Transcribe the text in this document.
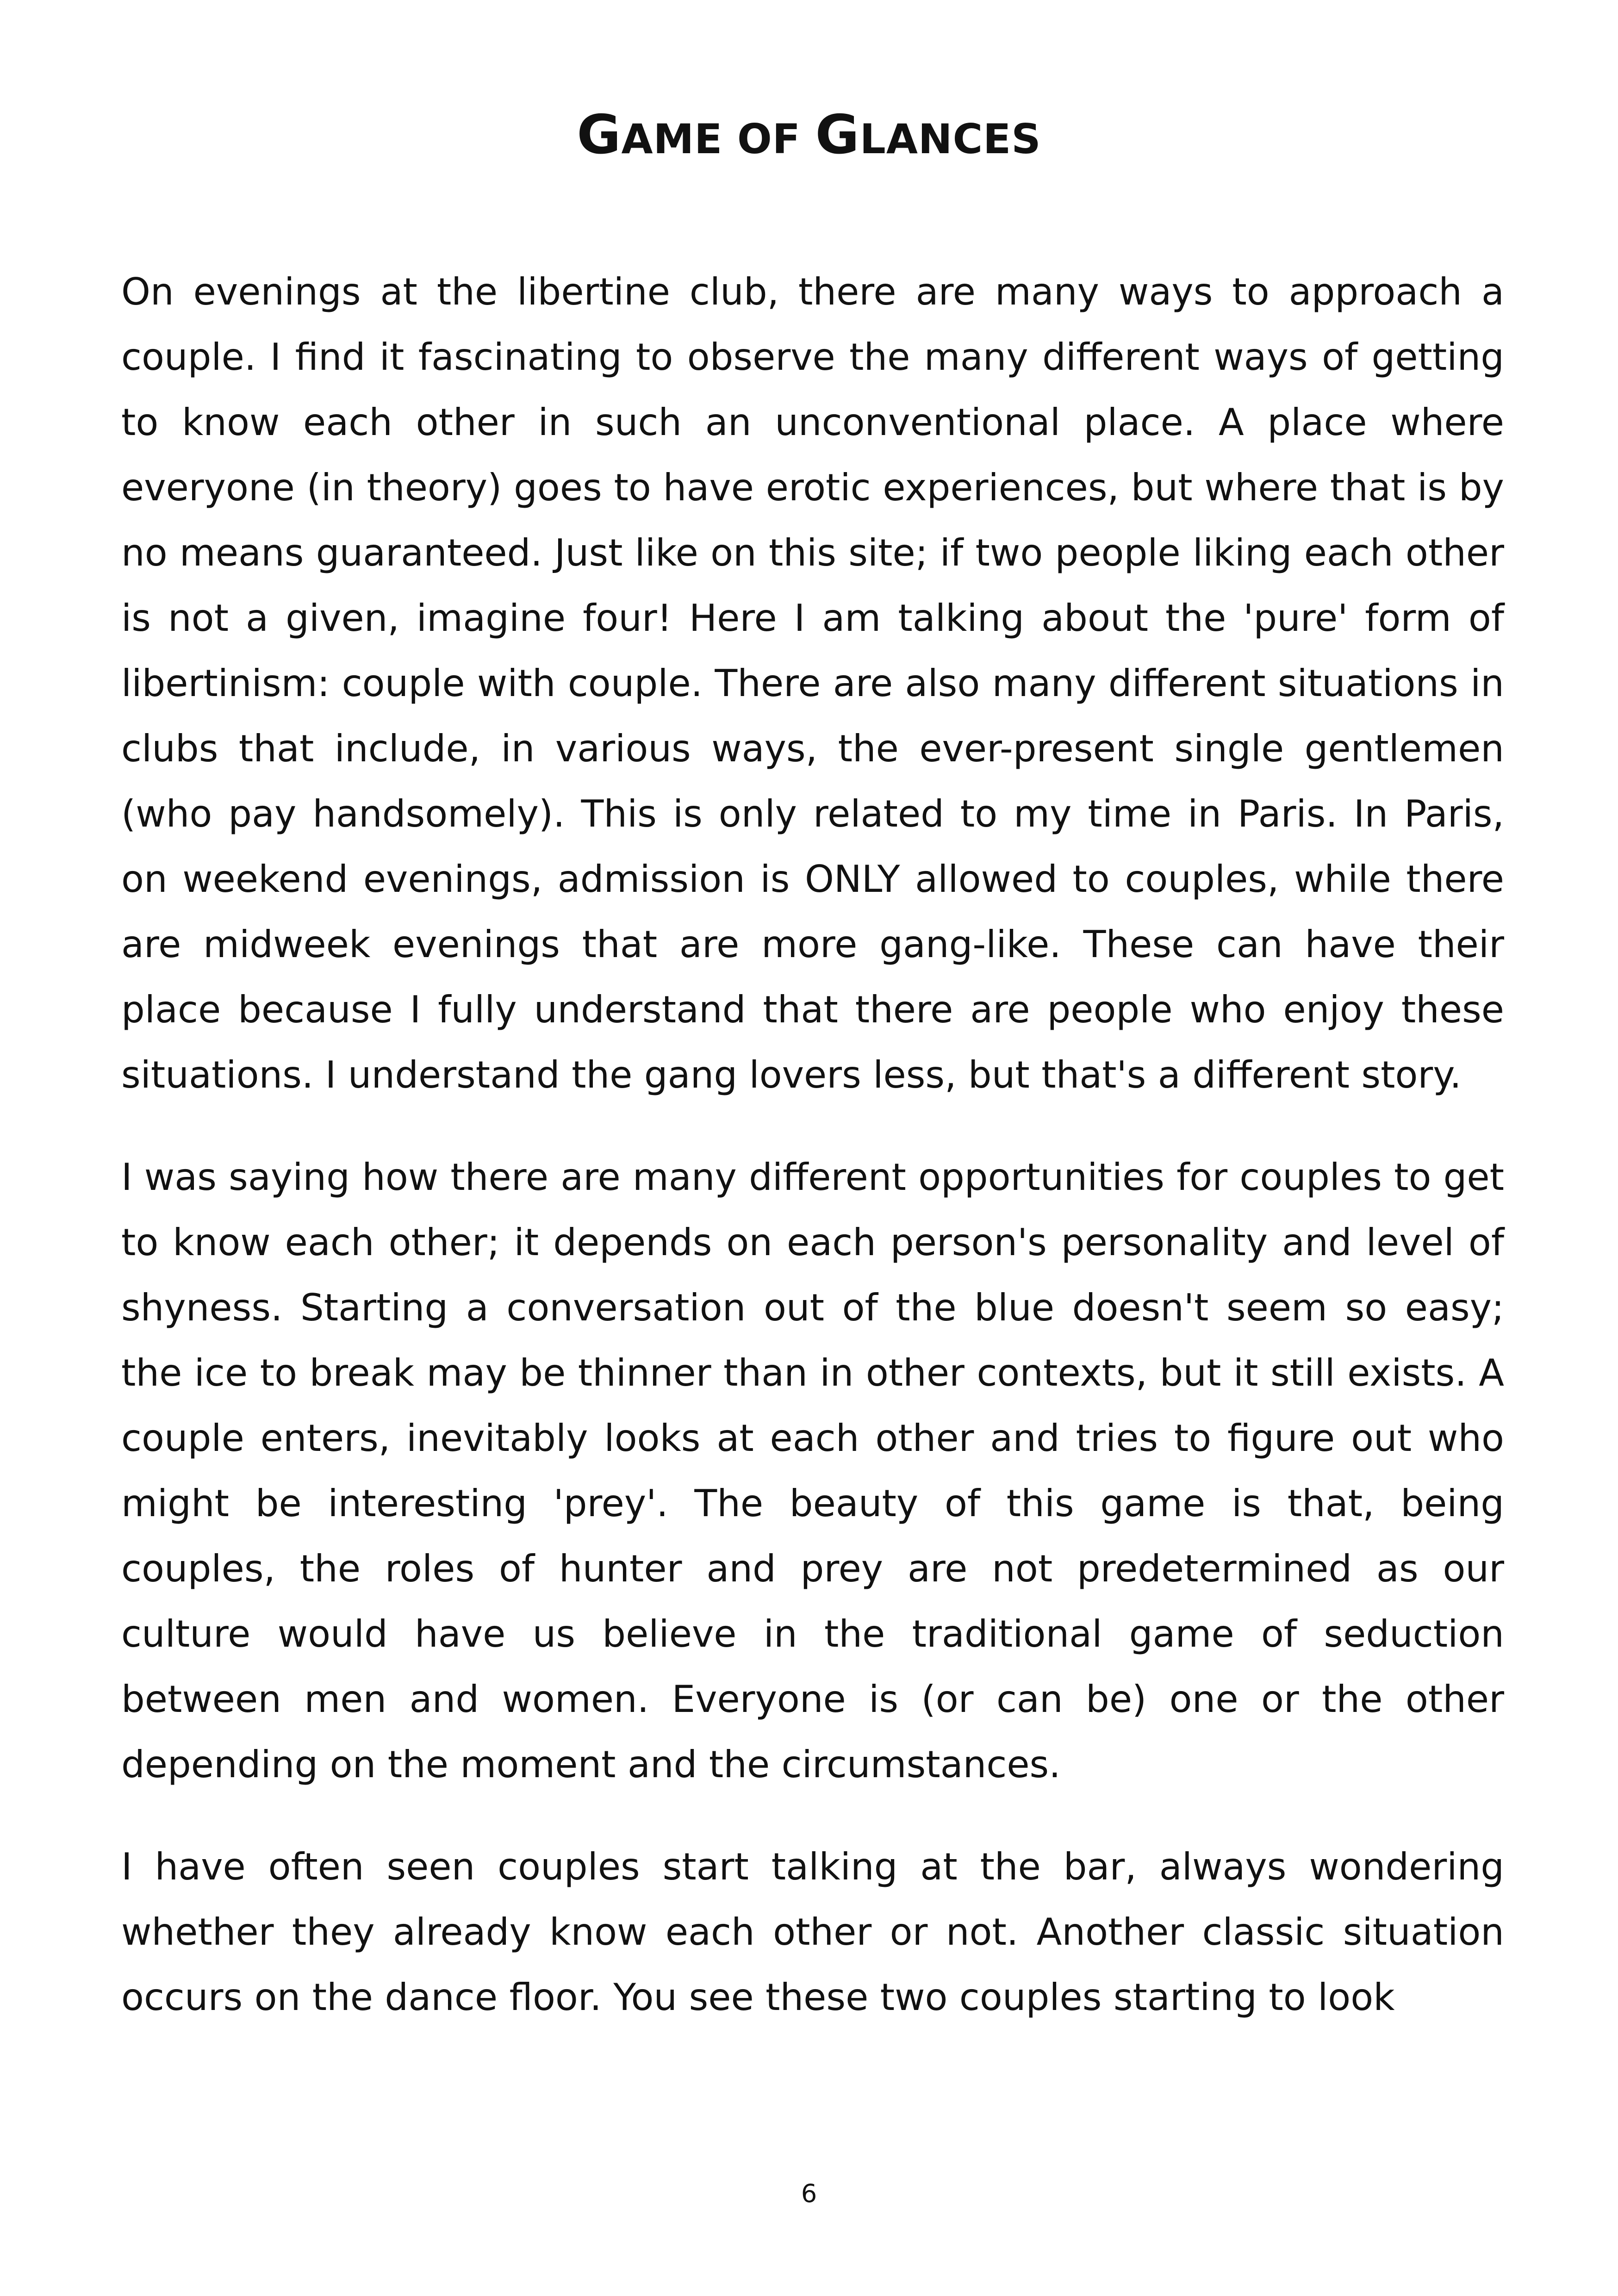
GAME OF GLANCES

On evenings at the libertine club, there are many ways to approach a couple. I find it fascinating to observe the many different ways of getting to know each other in such an unconventional place. A place where everyone (in theory) goes to have erotic experiences, but where that is by no means guaranteed. Just like on this site; if two people liking each other is not a given, imagine four! Here I am talking about the 'pure' form of libertinism: couple with couple. There are also many different situations in clubs that include, in various ways, the ever-present single gentlemen (who pay handsomely). This is only related to my time in Paris. In Paris, on weekend evenings, admission is ONLY allowed to couples, while there are midweek evenings that are more gang-like. These can have their place because I fully understand that there are people who enjoy these situations. I understand the gang lovers less, but that's a different story.

I was saying how there are many different opportunities for couples to get to know each other; it depends on each person's personality and level of shyness. Starting a conversation out of the blue doesn't seem so easy; the ice to break may be thinner than in other contexts, but it still exists. A couple enters, inevitably looks at each other and tries to figure out who might be interesting 'prey'. The beauty of this game is that, being couples, the roles of hunter and prey are not predetermined as our culture would have us believe in the traditional game of seduction between men and women. Everyone is (or can be) one or the other depending on the moment and the circumstances.

I have often seen couples start talking at the bar, always wondering whether they already know each other or not. Another classic situation occurs on the dance floor. You see these two couples starting to look

6
